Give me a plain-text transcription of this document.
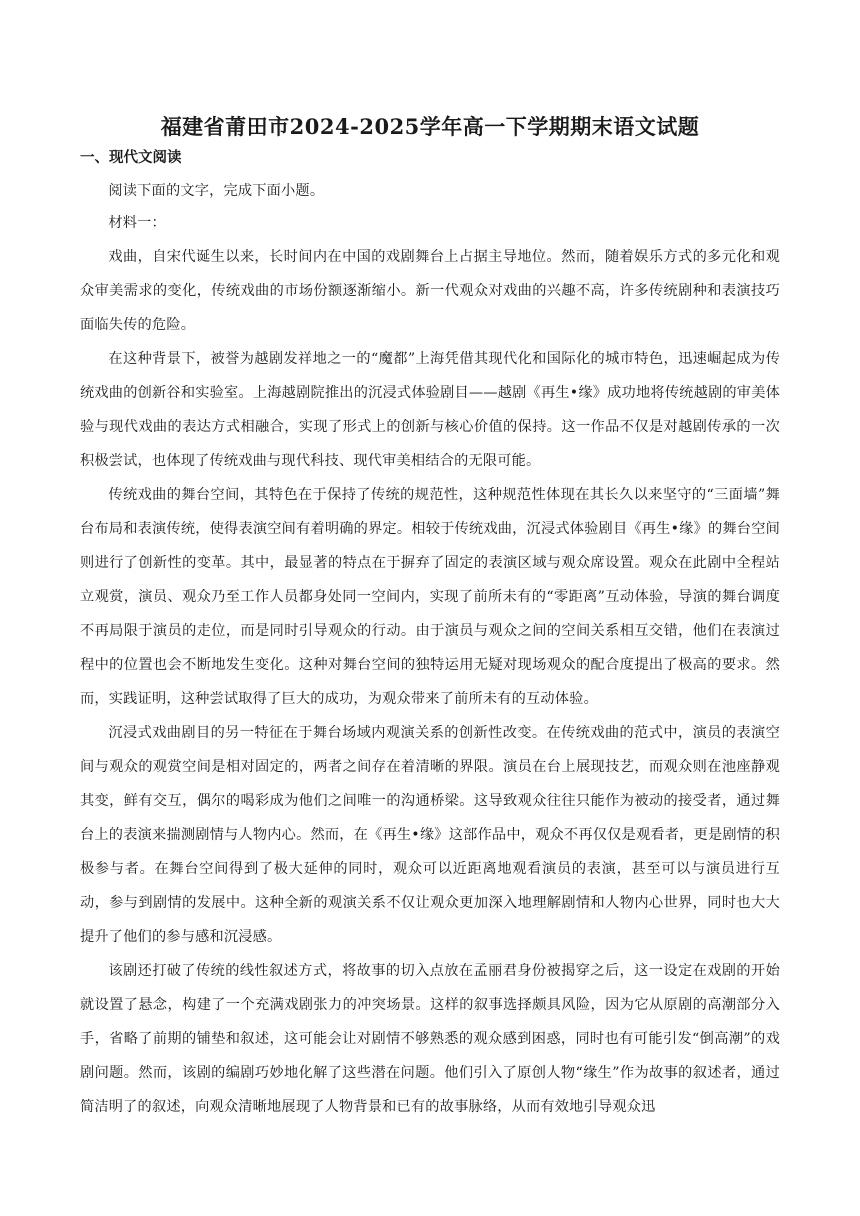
福建省莆田市2024-2025学年高一下学期期末语文试题
一、现代文阅读

阅读下面的文字，完成下面小题。

材料一：

戏曲，自宋代诞生以来，长时间内在中国的戏剧舞台上占据主导地位。然而，随着娱乐方式的多元化和观众审美需求的变化，传统戏曲的市场份额逐渐缩小。新一代观众对戏曲的兴趣不高，许多传统剧种和表演技巧面临失传的危险。

在这种背景下，被誉为越剧发祥地之一的“魔都”上海凭借其现代化和国际化的城市特色，迅速崛起成为传统戏曲的创新谷和实验室。上海越剧院推出的沉浸式体验剧目——越剧《再生•缘》成功地将传统越剧的审美体验与现代戏曲的表达方式相融合，实现了形式上的创新与核心价值的保持。这一作品不仅是对越剧传承的一次积极尝试，也体现了传统戏曲与现代科技、现代审美相结合的无限可能。

传统戏曲的舞台空间，其特色在于保持了传统的规范性，这种规范性体现在其长久以来坚守的“三面墙”舞台布局和表演传统，使得表演空间有着明确的界定。相较于传统戏曲，沉浸式体验剧目《再生•缘》的舞台空间则进行了创新性的变革。其中，最显著的特点在于摒弃了固定的表演区域与观众席设置。观众在此剧中全程站立观赏，演员、观众乃至工作人员都身处同一空间内，实现了前所未有的“零距离”互动体验，导演的舞台调度不再局限于演员的走位，而是同时引导观众的行动。由于演员与观众之间的空间关系相互交错，他们在表演过程中的位置也会不断地发生变化。这种对舞台空间的独特运用无疑对现场观众的配合度提出了极高的要求。然而，实践证明，这种尝试取得了巨大的成功，为观众带来了前所未有的互动体验。

沉浸式戏曲剧目的另一特征在于舞台场域内观演关系的创新性改变。在传统戏曲的范式中，演员的表演空间与观众的观赏空间是相对固定的，两者之间存在着清晰的界限。演员在台上展现技艺，而观众则在池座静观其变，鲜有交互，偶尔的喝彩成为他们之间唯一的沟通桥梁。这导致观众往往只能作为被动的接受者，通过舞台上的表演来揣测剧情与人物内心。然而，在《再生•缘》这部作品中，观众不再仅仅是观看者，更是剧情的积极参与者。在舞台空间得到了极大延伸的同时，观众可以近距离地观看演员的表演，甚至可以与演员进行互动，参与到剧情的发展中。这种全新的观演关系不仅让观众更加深入地理解剧情和人物内心世界，同时也大大提升了他们的参与感和沉浸感。

该剧还打破了传统的线性叙述方式，将故事的切入点放在孟丽君身份被揭穿之后，这一设定在戏剧的开始就设置了悬念，构建了一个充满戏剧张力的冲突场景。这样的叙事选择颇具风险，因为它从原剧的高潮部分入手，省略了前期的铺垫和叙述，这可能会让对剧情不够熟悉的观众感到困惑，同时也有可能引发“倒高潮”的戏剧问题。然而，该剧的编剧巧妙地化解了这些潜在问题。他们引入了原创人物“缘生”作为故事的叙述者，通过简洁明了的叙述，向观众清晰地展现了人物背景和已有的故事脉络，从而有效地引导观众迅
